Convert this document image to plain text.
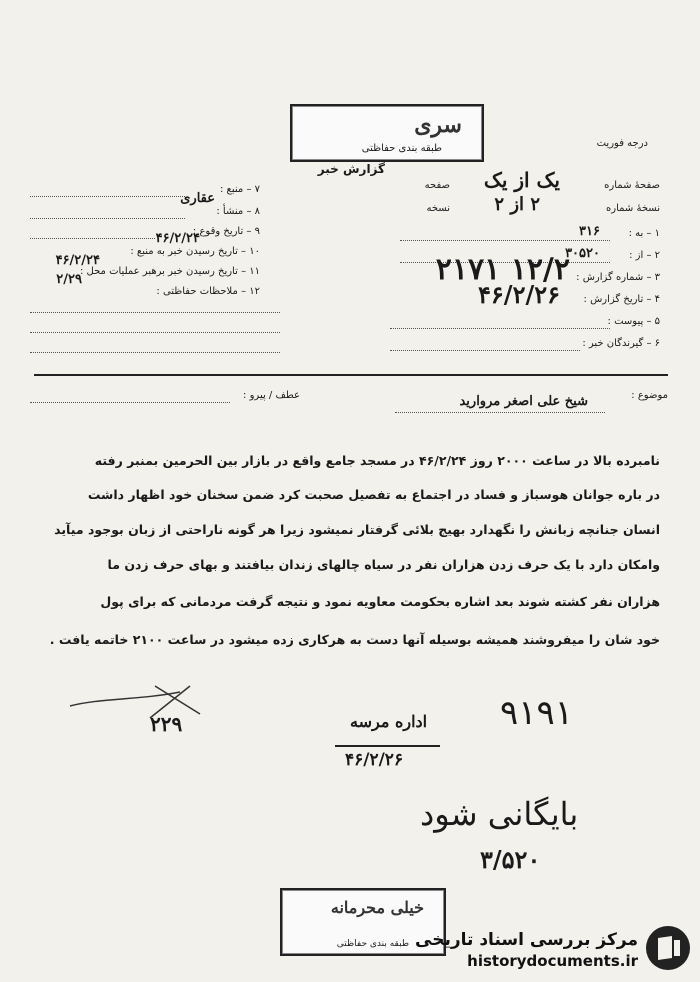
سری
طبقه بندی حفاظتی	درجه فوریت
گزارش خبر
صفحهٔ شماره
یک از یک
صفحه
نسخهٔ شماره
۲ از ۲
نسخه
۱ – به :
۳۱۶
۲ – از :
۳۰۵۲۰
۳ – شماره گزارش :
۱۲/۲ ۲۱۷۱
۴ – تاریخ گزارش :
۴۶/۲/۲۶
۵ – پیوست :
۶ – گیرندگان خبر :
۷ – منبع :
۸ – منشأ :
عقاری
۹ – تاریخ وقوع :
۱۰ – تاریخ رسیدن خبر به منبع :
۴۶/۲/۲۴
۱۱ – تاریخ رسیدن خبر برهبر عملیات محل :
۴۶/۲/۲۴
۱۲ – ملاحظات حفاظتی :
۲/۲۹
موضوع :
شیخ علی اصغر مروارید
عطف / پیرو :
نامبرده بالا در ساعت ۲۰۰۰ روز ۴۶/۲/۲۴ در مسجد جامع واقع در بازار بین الحرمین بمنبر رفته
در باره جوانان هوسباز و فساد در اجتماع به تفصیل صحبت کرد ضمن سخنان خود اظهار داشت
انسان جنانچه زبانش را نگهدارد بهیج بلائی گرفتار نمیشود زیرا هر گونه ناراحتی از زبان بوجود میآید
وامکان دارد با یک حرف زدن هزاران نفر در سیاه چالهای زندان بیافتند و بهای حرف زدن ما
هزاران نفر کشته شوند بعد اشاره بحکومت معاویه نمود و نتیجه گرفت مردمانی که برای پول
خود شان را میفروشند همیشه بوسیله آنها دست به هرکاری زده میشود در ساعت ۲۱۰۰ خاتمه یافت .
۲۲۹	اداره مرسه
۴۶/۲/۲۶
۹۱۹۱
بایگانی شود
۳/۵۲۰
خیلی محرمانه
طبقه بندی حفاظتی مرکز بررسی اسناد تاریخی
historydocuments.ir
